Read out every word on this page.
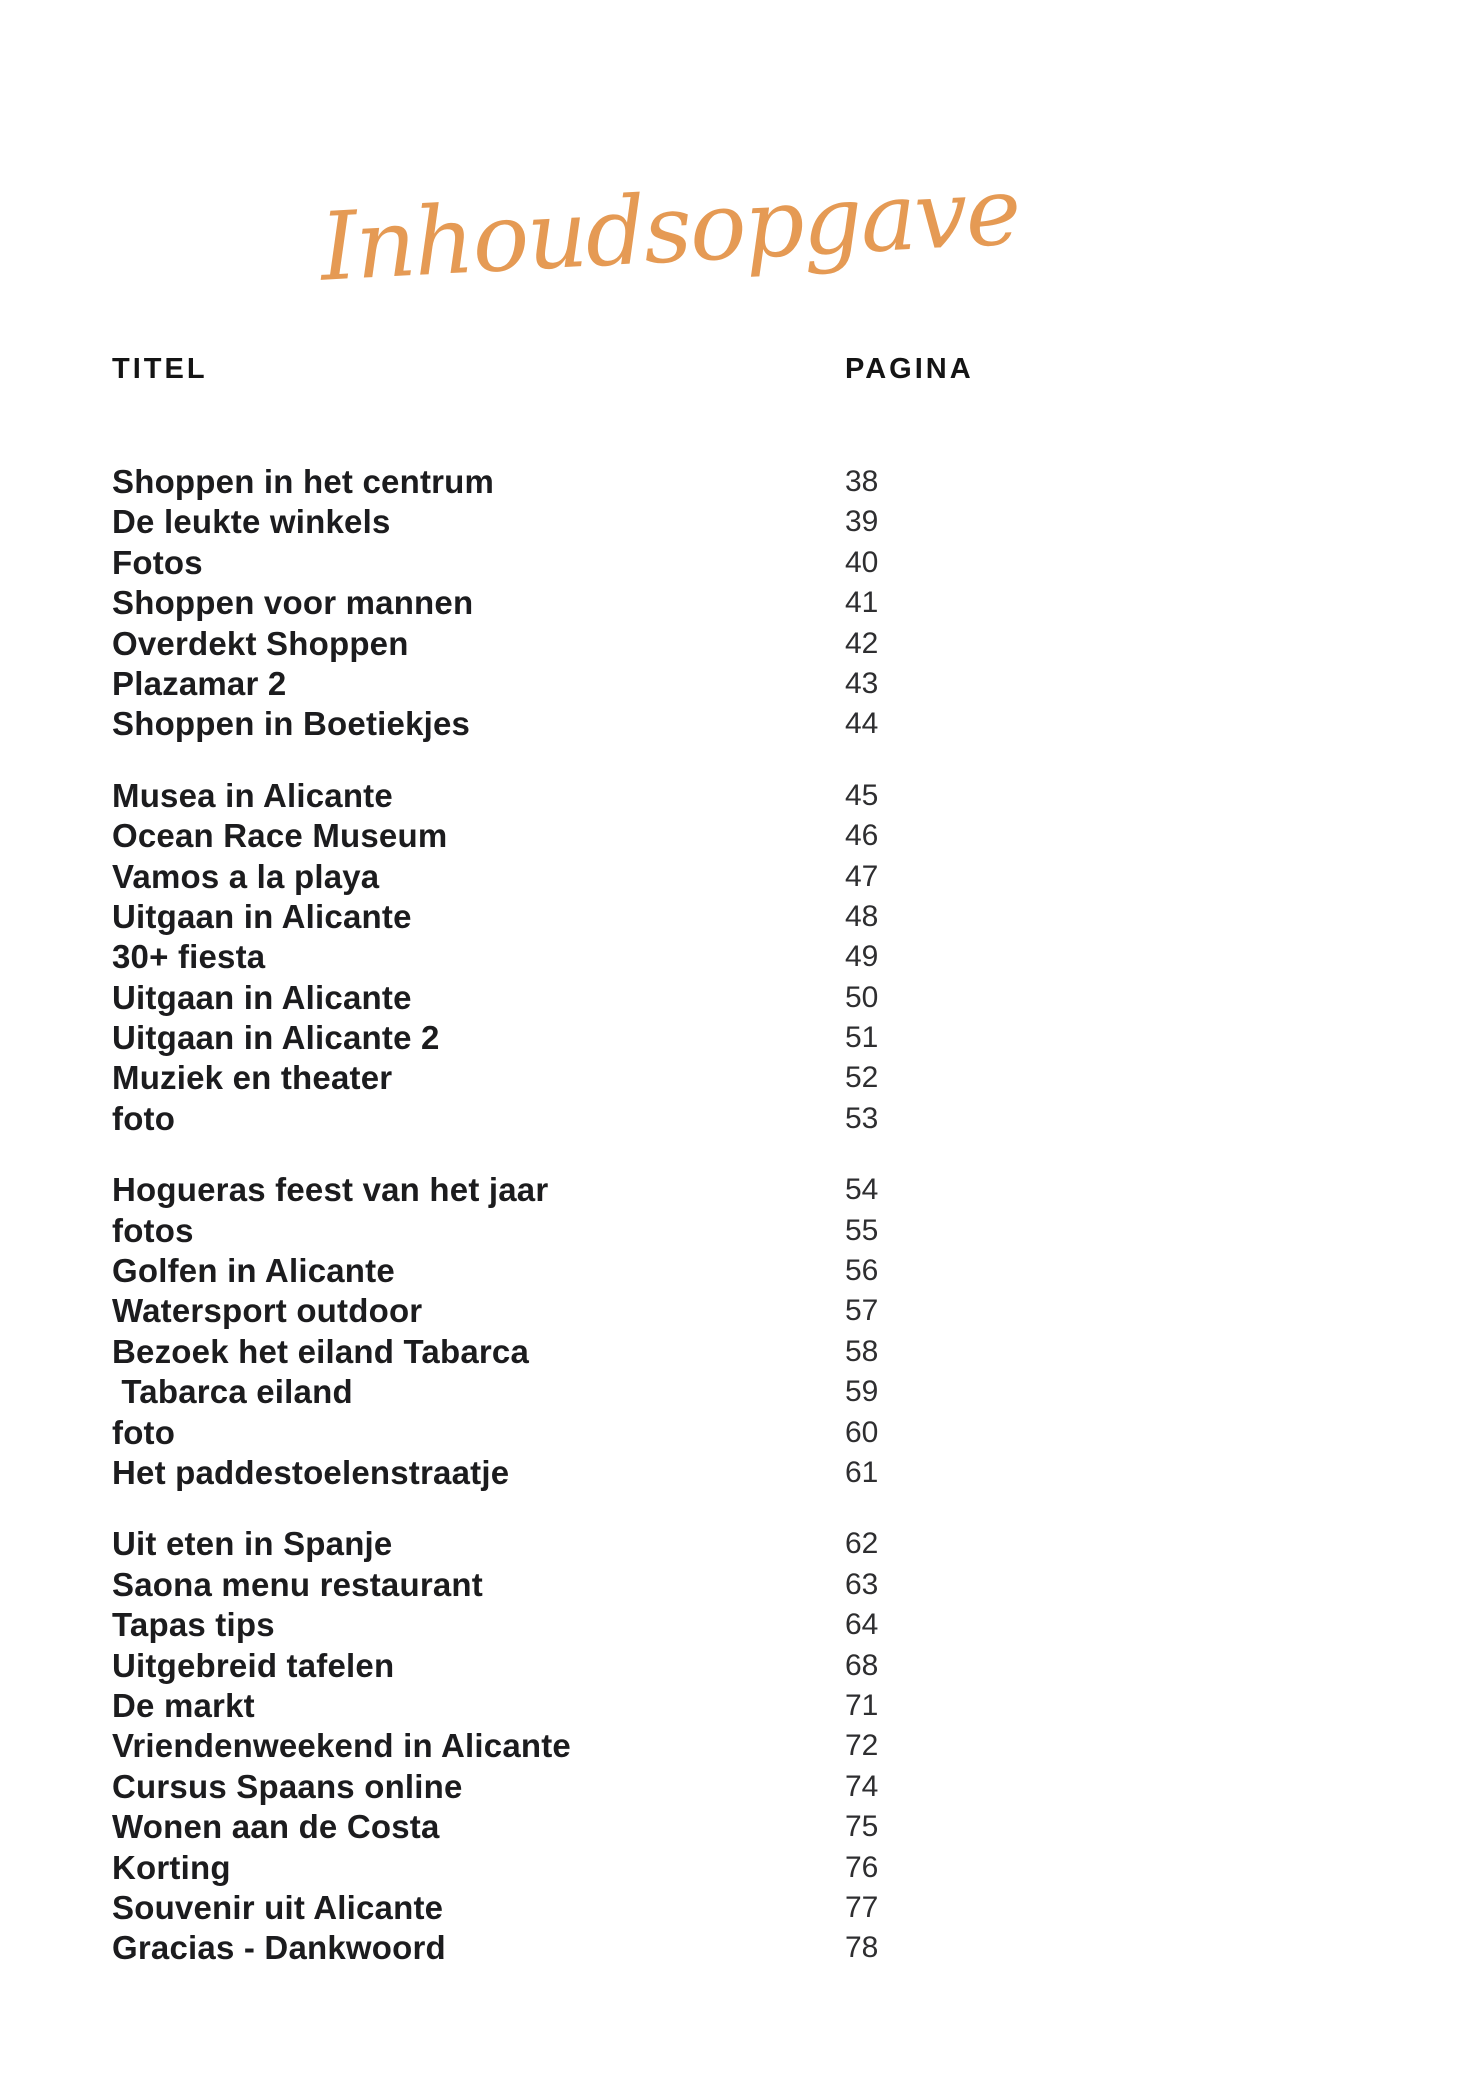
Inhoudsopgave
TITEL	PAGINA
Shoppen in het centrum	38
De leukte winkels	39
Fotos	40
Shoppen voor mannen	41
Overdekt Shoppen	42
Plazamar 2	43
Shoppen in Boetiekjes	44
Musea in Alicante	45
Ocean Race Museum	46
Vamos a la playa	47
Uitgaan in Alicante	48
30+ fiesta	49
Uitgaan in Alicante	50
Uitgaan in Alicante 2	51
Muziek en theater	52
foto	53
Hogueras feest van het jaar	54
fotos	55
Golfen in Alicante	56
Watersport outdoor	57
Bezoek het eiland Tabarca	58
Tabarca eiland	59
foto	60
Het paddestoelenstraatje	61
Uit eten in Spanje	62
Saona menu restaurant	63
Tapas tips	64
Uitgebreid tafelen	68
De markt	71
Vriendenweekend in Alicante	72
Cursus Spaans online	74
Wonen aan de Costa	75
Korting	76
Souvenir uit Alicante	77
Gracias - Dankwoord	78
